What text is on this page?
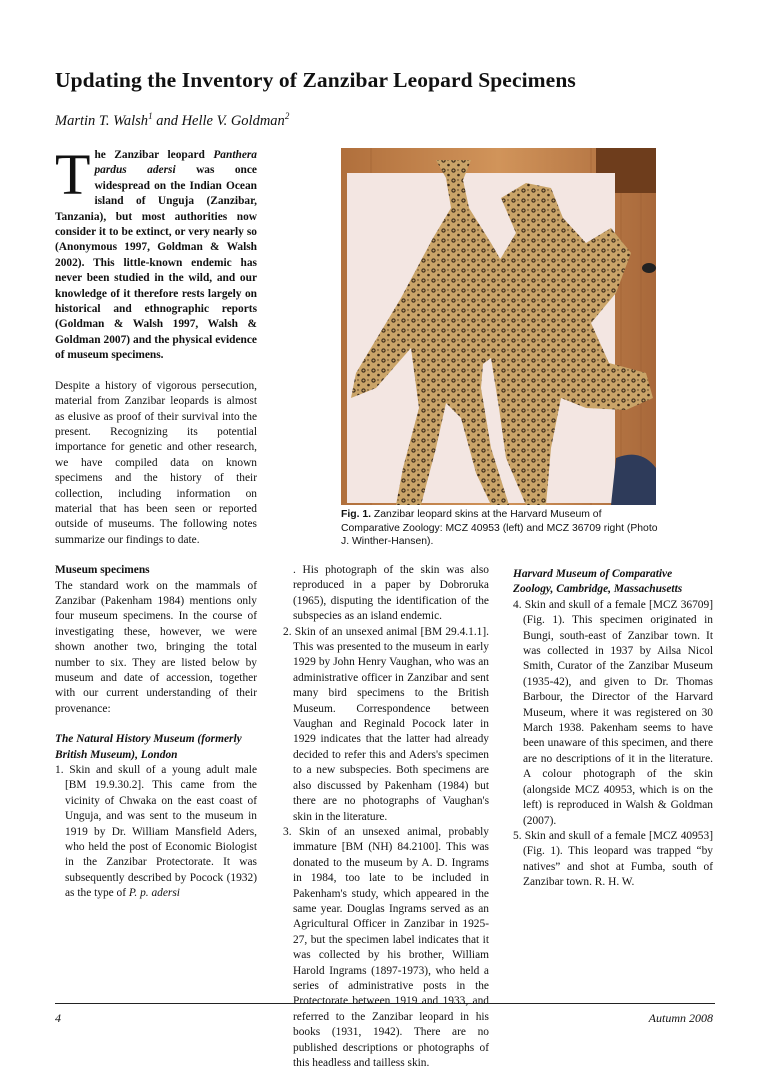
Updating the Inventory of Zanzibar Leopard Specimens

Martin T. Walsh$^1$ and Helle V. Goldman$^2$

The Zanzibar leopard Panthera pardus adersi was once widespread on the Indian Ocean island of Unguja (Zanzibar, Tanzania), but most authorities now consider it to be extinct, or very nearly so (Anonymous 1997, Goldman & Walsh 2002). This little-known endemic has never been studied in the wild, and our knowledge of it therefore rests largely on historical and ethnographic reports (Goldman & Walsh 1997, Walsh & Goldman 2007) and the physical evidence of museum specimens.

Despite a history of vigorous persecution, material from Zanzibar leopards is almost as elusive as proof of their survival into the present. Recognizing its potential importance for genetic and other research, we have compiled data on known specimens and the history of their collection, including information on material that has been seen or reported outside of museums. The following notes summarize our findings to date.

Museum specimens

The standard work on the mammals of Zanzibar (Pakenham 1984) mentions only four museum specimens. In the course of investigating these, however, we were shown another two, bringing the total number to six. They are listed below by museum and date of accession, together with our current understanding of their provenance:

The Natural History Museum (formerly British Museum), London
1. Skin and skull of a young adult male [BM 19.9.30.2]. This came from the vicinity of Chwaka on the east coast of Unguja, and was sent to the museum in 1919 by Dr. William Mansfield Aders, who held the post of Economic Biologist in the Zanzibar Protectorate. It was subsequently described by Pocock (1932) as the type of P. p. adersi

Fig. 1. Zanzibar leopard skins at the Harvard Museum of Comparative Zoology: MCZ 40953 (left) and MCZ 36709 right (Photo J. Winther-Hansen).

. His photograph of the skin was also reproduced in a paper by Dobroruka (1965), disputing the identification of the subspecies as an island endemic.
2. Skin of an unsexed animal [BM 29.4.1.1]. This was presented to the museum in early 1929 by John Henry Vaughan, who was an administrative officer in Zanzibar and sent many bird specimens to the British Museum. Correspondence between Vaughan and Reginald Pocock later in 1929 indicates that the latter had already decided to refer this and Aders's specimen to a new subspecies. Both specimens are also discussed by Pakenham (1984) but there are no photographs of Vaughan's skin in the literature.
3. Skin of an unsexed animal, probably immature [BM (NH) 84.2100]. This was donated to the museum by A. D. Ingrams in 1984, too late to be included in Pakenham's study, which appeared in the same year. Douglas Ingrams served as an Agricultural Officer in Zanzibar in 1925-27, but the specimen label indicates that it was collected by his brother, William Harold Ingrams (1897-1973), who held a series of administrative posts in the Protectorate between 1919 and 1933, and referred to the Zanzibar leopard in his books (1931, 1942). There are no published descriptions or photographs of this headless and tailless skin.
Harvard Museum of Comparative Zoology, Cambridge, Massachusetts
4. Skin and skull of a female [MCZ 36709] (Fig. 1). This specimen originated in Bungi, south-east of Zanzibar town. It was collected in 1937 by Ailsa Nicol Smith, Curator of the Zanzibar Museum (1935-42), and given to Dr. Thomas Barbour, the Director of the Harvard Museum, where it was registered on 30 March 1938. Pakenham seems to have been unaware of this specimen, and there are no descriptions of it in the literature. A colour photograph of the skin (alongside MCZ 40953, which is on the left) is reproduced in Walsh & Goldman (2007).
5. Skin and skull of a female [MCZ 40953] (Fig. 1). This leopard was trapped “by natives” and shot at Fumba, south of Zanzibar town. R. H. W.
4	Autumn 2008
